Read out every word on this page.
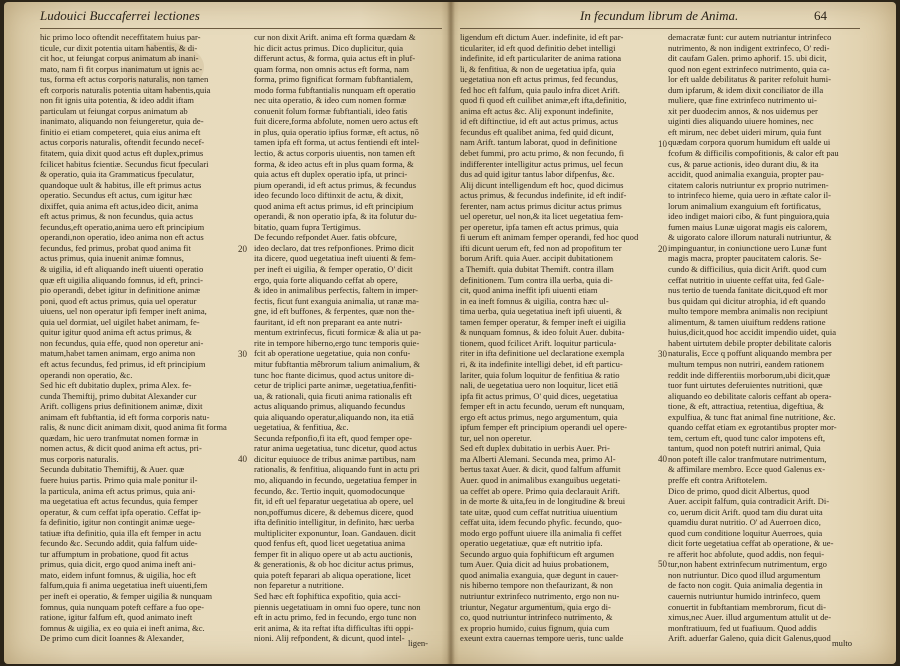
Ludouici Buccaferrei lectiones
hic primo loco oftendit neceffitatem huius par-
ticule, cur dixit potentia uitam habentis, & di-
cit hoc, ut feiungat corpus animatum ab inani-
mato, nam fi fit corpus inanimatum ut ignis ac-
tus, forma eft actus corporis naturalis, non tamen
eft corporis naturalis potentia uitam habentis,quia
non fit ignis uita potentia, & ideo addit iftam
particulam ut feiungat corpus animatum ab
inanimato, aliquando non feiungeretur, quia de-
finitio ei etiam competeret, quia eius anima eft
actus corporis naturalis, oftendit fecundo necef-
fitatem, quia dixit quod actus eft duplex,primus
fcilicet habitus fcientiæ. Secundus ficut fpeculari
& operatio, quia ita Grammaticus fpeculatur,
quandoque uult & habitus, ille eft primus actus
operatio. Secundus eft actus, cum igitur hæc
dixiffet, quia anima eft actus,ideo dicit, anima
eft actus primus, & non fecundus, quia actus
fecundus,eft operatio,anima uero eft principium
operandi,non operatio, ideo anima non eft actus
fecundus, fed primus, probat quod anima fit
actus primus, quia inuenit animæ fomnus,
& uigilia, id eft aliquando ineft uiuenti operatio
quæ eft uigilia aliquando fomnus, id eft, princi-
pio operandi, debet igitur in definitione animæ
poni, quod eft actus primus, quia uel operatur
uiuens, uel non operatur ipfi femper ineft anima,
quia uel dormiat, uel uigilet habet animam, fe-
quitur igitur quod anima eft actus primus, &
non fecundus, quia effe, quod non operetur ani-
matum,habet tamen animam, ergo anima non
eft actus fecundus, fed primus, id eft principium
operandi non operatio, &c.
Sed hic eft dubitatio duplex, prima Alex. fe-
cunda Themiftij, primo dubitat Alexander cur
Arift. colligens prius definitionem animæ, dixit
animam eft fubftantia, id eft forma corporis natu-
ralis, & nunc dicit animam dixit, quod anima fit forma
quædam, hic uero tranfmutat nomen formæ in
nomen actus, & dicit quod anima eft actus, pri-
mus corporis naturalis.
Secunda dubitatio Themiftij, & Auer. quæ
fuere huius partis. Primo quia male ponitur il-
la particula, anima eft actus primus, quia ani-
ma uegetatiua eft actus fecundus, quia femper
operatur, & cum ceffat ipfa operatio. Ceffat ip-
fa definitio, igitur non contingit animæ uege-
tatiuæ ifta definitio, quia illa eft femper in actu
fecundo &c. Secundo addit, quia falfum uide-
tur affumptum in probatione, quod fit actus
primus, quia dicit, ergo quod anima ineft ani-
mato, eidem infunt fomnus, & uigilia, hoc eft
falfum,quia fi anima uegetatiua ineft uiuenti,fem
per ineft ei operatio, & femper uigilia & nunquam
fomnus, quia nunquam poteft ceffare a fuo ope-
ratione, igitur falfum eft, quod animato ineft
fomnus & uigilia, ex eo quia ei ineft anima, &c.
De primo cum dicit Ioannes & Alexander,
cur non dixit Arift. anima eft forma quædam &
hic dicit actus primus. Dico duplicitur, quia
differunt actus, & forma, quia actus eft in pluf-
quam forma, non omnis actus eft forma, nam
forma, primo fignificat formam fubftantialem,
modo forma fubftantialis nunquam eft operatio
nec uita operatio, & ideo cum nomen formæ
conuenit folum formæ fubftantiali, ideo fatis
fuit dicere,forma abfolute, nomen uero actus eft
in plus, quia operatio ipfius formæ, eft actus, nō
tamen ipfa eft forma, ut actus fentiendi eft intel-
lectio, & actus corporis uiuentis, non tamen eft
forma, & ideo actus eft in plus quam forma, &
quia actus eft duplex operatio ipfa, ut princi-
pium operandi, id eft actus primus, & fecundus
ideo fecundo loco diftinxit de actu, & dixit,
quod anima eft actus primus, id eft principium
operandi, & non operatio ipfa, & ita folutur du-
bitatio, quam fupra Tertigimus.
De fecundo refpondet Auer. fatis obfcure,
ideo declaro, dat tres refponfiones. Primo dicit
ita dicere, quod uegetatiua ineft uiuenti & fem-
per ineft ei uigilia, & femper operatio, O' dicit
ergo, quia forte aliquando ceffat ab opere,
& ideo in animalibus perfectis, faltem in imper-
fectis, ficut funt exanguia animalia, ut ranæ ma-
gne, id eft buffones, & ferpentes, quæ non the-
fauritant, id eft non preparant ea ante nutri-
mentum extrinfecus, ficuti formicæ & alia ut pa-
rite in tempore hiberno,ergo tunc temporis quie-
fcit ab operatione uegetatiue, quia non confu-
mitur fubftantia mêbrorum talium animalium, &
tunc hoc ftante dicimus, quod actus unitore di-
cetur de triplici parte animæ, uegetatiua,fenfiti-
ua, & rationali, quia ficuti anima rationalis eft
actus aliquando primus, aliquando fecundus
quia aliquando operatur,aliquando non, ita etiā
uegetatiua, & fenfitiua, &c.
Secunda refponfio,fi ita eft, quod femper ope-
ratur anima uegetatiua, tunc dicetur, quod actus
dicitur equiuoce de tribus animæ partibus, nam
rationalis, & fenfitiua, aliquando funt in actu pri
mo, aliquando in fecundo, uegetatiua femper in
fecundo, &c. Tertio inquit, quomodocunque
fit, id eft uel feparatur uegetatiua ab opere, uel
non,poffumus dicere, & debemus dicere, quod
ifta definitio intelligitur, in definito, hæc uerba
multipliciter exponuntur, Ioan. Gandauen. dicit
quod fenfus eft, quod licet uegetatiua anima
femper fit in aliquo opere ut ab actu auctionis,
& generationis, & ob hoc dicitur actus primus,
quia poteft feparari ab aliqua operatione, licet
non feparetur a nutritione.
Sed hæc eft fophiftica expofitio, quia acci-
piennis uegetatiuam in omni fuo opere, tunc non
eft in actu primo, fed in fecundo, ergo tunc non
erit anima, & ita reftat ifta difficultas ifti oppi-
nioni. Alij refpondent, & dicunt, quod intel-
20
30
40
ligen-
In fecundum librum de Anima.	64
ligendum eft dictum Auer. indefinite, id eft par-
ticulariter, id eft quod definitio debet intelligi
indefinite, id eft particulariter de anima rationa
li, & fenfitiua, & non de uegetatiua ipfa, quia
uegetatiua non eft actus primus, fed fecundus,
fed hoc eft falfum, quia paulo infra dicet Arift.
quod fi quod eft cuilibet animæ,eft ifta,definitio,
anima eft actus &c. Alij exponunt indefinite,
id eft diftinctiue, id eft aut actus primus, actus
fecundus eft qualibet anima, fed quid dicunt,
nam Arift. tantum laborat, quod in definitione
debet fummi, pro actu primo, & non fecundo, fi
indifferenter intelligitur actus primus, uel fecun
dus ad quid igitur tantus labor difpenfus, &c.
Alij dicunt intelligendum eft hoc, quod dicimus
actus primus, & fecundus indefinite, id eft indif-
ferenter, nam actus primus dicitur actus primus
uel operetur, uel non,& ita licet uegetatiua fem-
per operetur, ipfa tamen eft actus primus, quia
fi uerum eft animam femper operandi, fed hoc quod
ifti dicunt uerum eft, fed non ad propofitum ter
borum Arift. quia Auer. accipit dubitationem
a Themift. quia dubitat Themift. contra illam
definitionem. Tum contra illa uerba, quia di-
cit, quod anima ineffit ipfi uiuenti etiam
in ea ineft fomnus & uigilia, contra hæc ul-
tima uerba, quia uegetatiua ineft ipfi uiuenti, &
tamen femper operatur, & femper ineft ei uigilia
& nunquam fomnus, & ideo foluit Auer. dubita-
tionem, quod fcilicet Arift. loquitur particula-
riter in ifta definitione uel declaratione exempla
ri, & ita indefinite intelligi debet, id eft particu-
lariter, quia folum loquitur de fenfitiua & ratio
nali, de uegetatiua uero non loquitur, licet etiā
ipfa fit actus primus, O' quid dices, uegetatiua
femper eft in actu fecundo, uerum eft nunquam,
ergo eft actus primus, nego argumentum, quia
ipfum femper eft principium operandi uel opere-
tur, uel non operetur.
Sed eft duplex dubitatio in uerbis Auer. Pri-
ma Alberti Alemani. Secunda mea, primo Al-
bertus taxat Auer. & dicit, quod falfum affumit
Auer. quod in animalibus exanguibus uegetati-
ua ceffet ab opere. Primo quia declarauit Arift.
in de morte & uita,feu in de longitudine & breui
tate uitæ, quod cum ceffat nutritiua uiuentium
ceffat uita, idem fecundo phyfic. fecundo, quo-
modo ergo poffunt uiuere illa animalia fi ceffet
operatio uegetatiuæ, quæ eft nutritio ipfa.
Secundo arguo quia fophifticum eft argumen
tum Auer. Quia dicit ad huius probationem,
quod animalia exanguia, quæ degunt in cauer-
nis hiberno tempore non thefaurizant, & non
nutriuntur extrinfeco nutrimento, ergo non nu-
triuntur, Negatur argumentum, quia ergo di-
co, quod nutriuntur intrinfeco nutrimento, &
ex proprio humido, cuius fignum, quia cum
exeunt extra cauernas tempore ueris, tunc ualde
demacratæ funt: cur autem nutriantur intrinfeco
nutrimento, & non indigent extrinfeco, O' redi-
dit caufam Galen. primo aphorif. 15. ubi dicit,
quod non egent extrinfeco nutrimento, quia ca-
lor eft ualde debilitatus & pariter refoluit humi-
dum ipfarum, & idem dixit conciliator de illa
muliere, quæ fine extrinfeco nutrimento ui-
xit per duodecim annos, & nos uidemus per
uiginti dies aliquando uiuere homines, nec
eft mirum, nec debet uideri mirum, quia funt
quædam corpora quorum humidum eft ualde ui
fcofum & difficilis compofitionis, & calor eft pau
cus, & parue actionis, ideo durant diu, & ita
accidit, quod animalia exanguia, propter pau-
citatem caloris nutriuntur ex proprio nutrimen-
to intrinfeco hieme, quia uero in æftate calor il-
lorum animalium exanguium eft fortificatus,
ideo indiget maiori cibo, & funt pinguiora,quia
fumen maius Lunæ uigorat magis eis calorem,
& uigorato calore illorum naturali nutriuntur, &
impinguantur, in coniunctione uero Lunæ funt
magis macra, propter paucitatem caloris. Se-
cundo & difficilius, quia dicit Arift. quod cum
ceffat nutritio in uiuente ceffat uita, fed Gale-
nus tertio de tuenda fanitate dicit,quod eft mor
bus quidam qui dicitur atrophia, id eft quando
multo tempore membra animalis non recipiunt
alimentum, & tamen uiuiftum reddens ratione
huius,dicit,quod hoc accidit impendio uidet, quia
habent uirtutem debile propter debilitate caloris
naturalis, Ecce q poffunt aliquando membra per
multum tempus non nutriri, eandem rationem
reddit inde differentiis morborum,ubi dicit,quæ
tuor funt uirtutes deferuientes nutritioni, quæ
aliquando eo debilitate caloris ceffant ab opera-
tione, & eft, attractiua, retentiua, digeftiua, &
expulfiua, & tunc ftat animal fine nutritione, &c.
quando ceffat etiam ex egrotantibus propter mor-
tem, certum eft, quod tunc calor impotens eft,
tantum, quod non poteft nutriri animal, Quia
non poteft ille calor tranfmutare nutrimentum,
& affimilare membro. Ecce quod Galenus ex-
preffe eft contra Ariftotelem.
Dico de primo, quod dicit Albertus, quod
Auer. accipit falfum, quia contradicit Arift. Di-
co, uerum dicit Arift. quod tam diu durat uita
quamdiu durat nutritio. O' ad Auerroen dico,
quod cum conditione loquitur Auerroes, quia
dicit forte uegetatiua ceffat ab operatione, & ue-
re afferit hoc abfolute, quod addis, non fequi-
tur,non habent extrinfecum nutrimentum, ergo
non nutriuntur. Dico quod illud argumentum
de facto non cogit. Quia animalia degentia in
cauernis nutriuntur humido intrinfeco, quem
conuertit in fubftantiam membrorum, ficut di-
ximus,nec Auer. illud argumentum attulit ut de-
monftratiuum, fed ut fuafiuum. Quod addis
Arift. aduerfar Galeno, quia dicit Galenus,quod
10
20
30
40
50
multo
